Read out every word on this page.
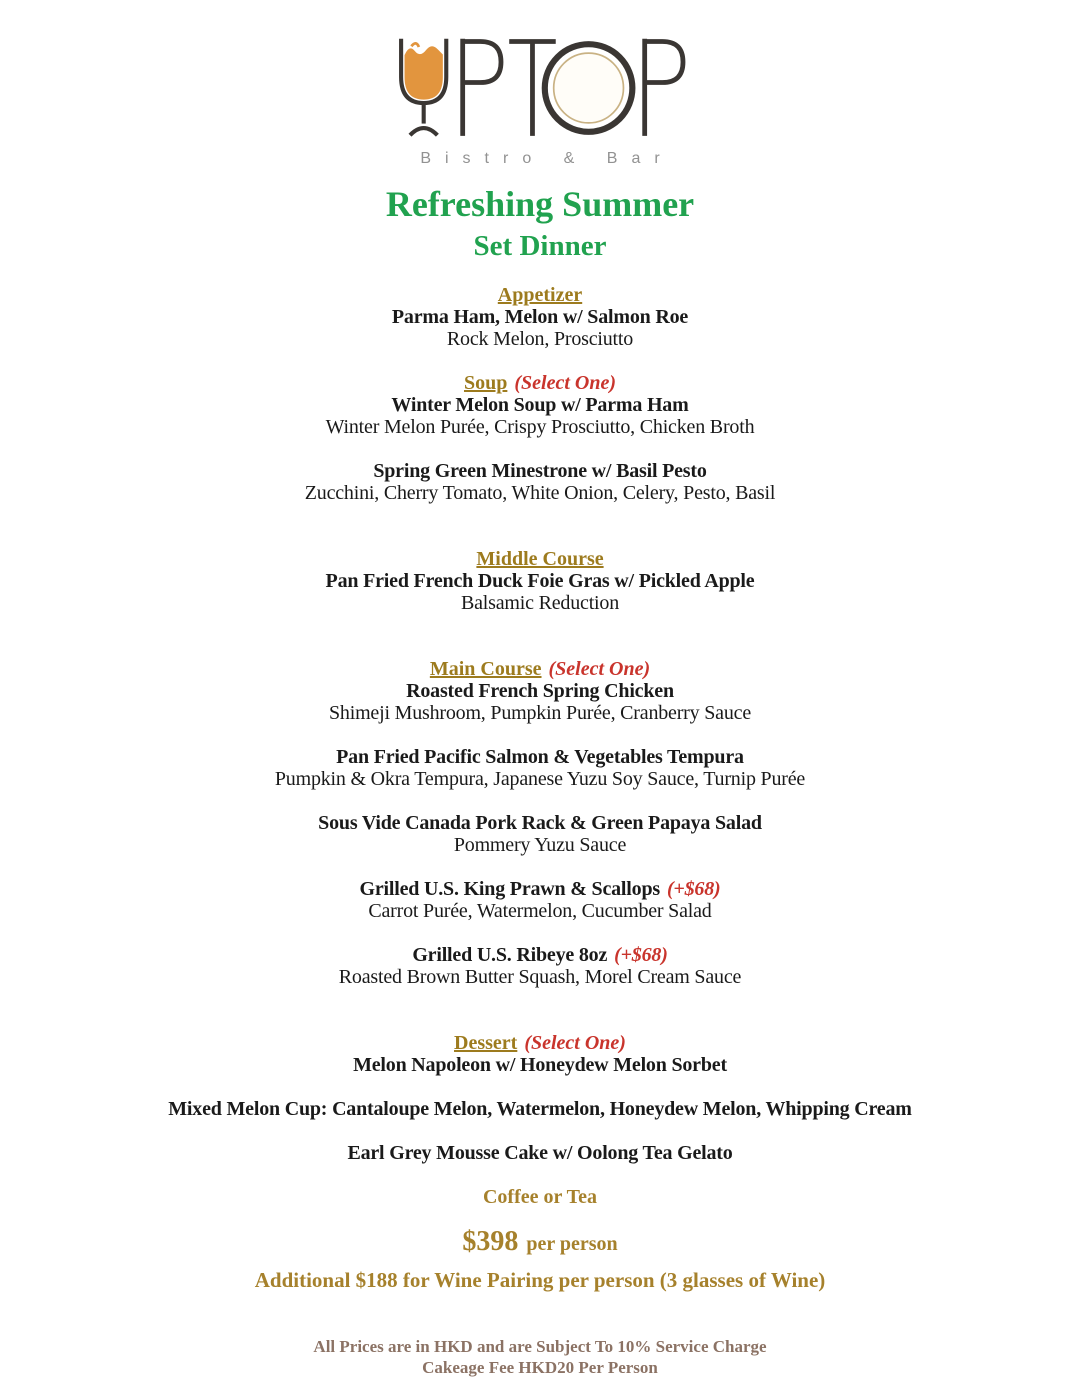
Bistro & Bar
Refreshing Summer
Set Dinner
Appetizer
Parma Ham, Melon w/ Salmon Roe
Rock Melon, Prosciutto
Soup (Select One)
Winter Melon Soup w/ Parma Ham
Winter Melon Purée, Crispy Prosciutto, Chicken Broth
Spring Green Minestrone w/ Basil Pesto
Zucchini, Cherry Tomato, White Onion, Celery, Pesto, Basil
Middle Course
Pan Fried French Duck Foie Gras w/ Pickled Apple
Balsamic Reduction
Main Course (Select One)
Roasted French Spring Chicken
Shimeji Mushroom, Pumpkin Purée, Cranberry Sauce
Pan Fried Pacific Salmon & Vegetables Tempura
Pumpkin & Okra Tempura, Japanese Yuzu Soy Sauce, Turnip Purée
Sous Vide Canada Pork Rack & Green Papaya Salad
Pommery Yuzu Sauce
Grilled U.S. King Prawn & Scallops (+$68)
Carrot Purée, Watermelon, Cucumber Salad
Grilled U.S. Ribeye 8oz (+$68)
Roasted Brown Butter Squash, Morel Cream Sauce
Dessert (Select One)
Melon Napoleon w/ Honeydew Melon Sorbet
Mixed Melon Cup: Cantaloupe Melon, Watermelon, Honeydew Melon, Whipping Cream
Earl Grey Mousse Cake w/ Oolong Tea Gelato
Coffee or Tea
$398 per person
Additional $188 for Wine Pairing per person (3 glasses of Wine)
All Prices are in HKD and are Subject To 10% Service Charge
Cakeage Fee HKD20 Per Person
